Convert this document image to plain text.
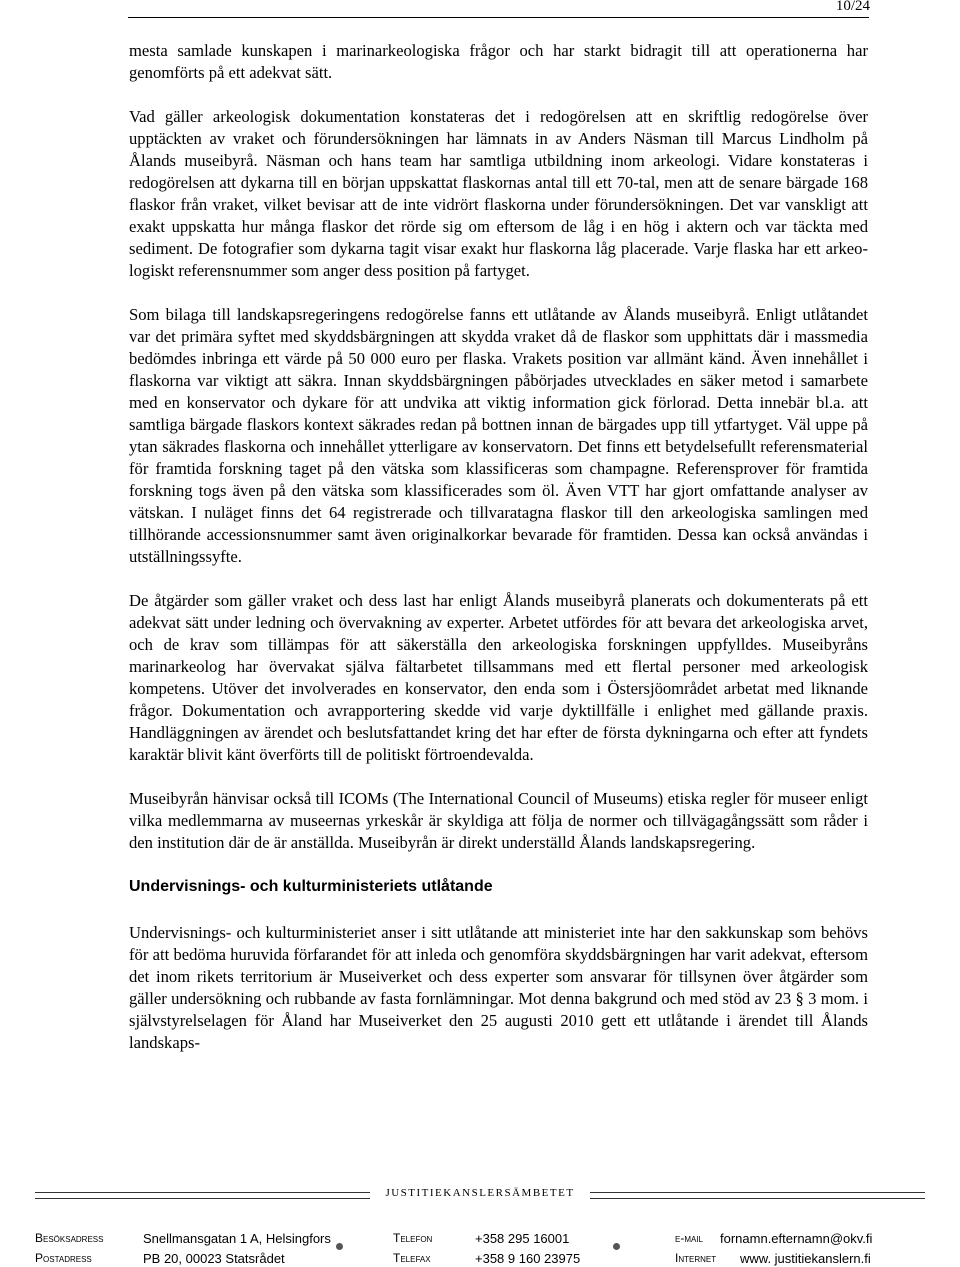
10/24

mesta samlade kunskapen i marinarkeologiska frågor och har starkt bidragit till att operationerna har genomförts på ett adekvat sätt.

Vad gäller arkeologisk dokumentation konstateras det i redogörelsen att en skriftlig redogörelse över upptäckten av vraket och förundersökningen har lämnats in av Anders Näsman till Marcus Lindholm på Ålands museibyrå. Näsman och hans team har samtliga utbildning inom arkeologi. Vidare konstateras i redogörelsen att dykarna till en början uppskattat flaskornas antal till ett 70-tal, men att de senare bärgade 168 flaskor från vraket, vilket bevisar att de inte vidrört flaskorna under förundersökningen. Det var vanskligt att exakt uppskatta hur många flaskor det rörde sig om eftersom de låg i en hög i aktern och var täckta med sediment. De fotografier som dykarna tagit visar exakt hur flaskorna låg placerade. Varje flaska har ett arkeologiskt referensnummer som anger dess position på fartyget.

Som bilaga till landskapsregeringens redogörelse fanns ett utlåtande av Ålands museibyrå. Enligt utlåtandet var det primära syftet med skyddsbärgningen att skydda vraket då de flaskor som upphittats där i massmedia bedömdes inbringa ett värde på 50 000 euro per flaska. Vrakets position var allmänt känd. Även innehållet i flaskorna var viktigt att säkra. Innan skyddsbärgningen påbörjades utvecklades en säker metod i samarbete med en konservator och dykare för att undvika att viktig information gick förlorad. Detta innebär bl.a. att samtliga bärgade flaskors kontext säkrades redan på bottnen innan de bärgades upp till ytfartyget. Väl uppe på ytan säkrades flaskorna och innehållet ytterligare av konservatorn. Det finns ett betydelsefullt referensmaterial för framtida forskning taget på den vätska som klassificeras som champagne. Referensprover för framtida forskning togs även på den vätska som klassificerades som öl. Även VTT har gjort omfattande analyser av vätskan. I nuläget finns det 64 registrerade och tillvaratagna flaskor till den arkeologiska samlingen med tillhörande accessionsnummer samt även originalkorkar bevarade för framtiden. Dessa kan också användas i utställningssyfte.

De åtgärder som gäller vraket och dess last har enligt Ålands museibyrå planerats och dokumenterats på ett adekvat sätt under ledning och övervakning av experter. Arbetet utfördes för att bevara det arkeologiska arvet, och de krav som tillämpas för att säkerställa den arkeologiska forskningen uppfylldes. Museibyråns marinarkeolog har övervakat själva fältarbetet tillsammans med ett flertal personer med arkeologisk kompetens. Utöver det involverades en konservator, den enda som i Östersjöområdet arbetat med liknande frågor. Dokumentation och avrapportering skedde vid varje dyktillfälle i enlighet med gällande praxis. Handläggningen av ärendet och beslutsfattandet kring det har efter de första dykningarna och efter att fyndets karaktär blivit känt överförts till de politiskt förtroendevalda.

Museibyrån hänvisar också till ICOMs (The International Council of Museums) etiska regler för museer enligt vilka medlemmarna av museernas yrkeskår är skyldiga att följa de normer och tillvägagångssätt som råder i den institution där de är anställda. Museibyrån är direkt underställd Ålands landskapsregering.

Undervisnings- och kulturministeriets utlåtande

Undervisnings- och kulturministeriet anser i sitt utlåtande att ministeriet inte har den sakkunskap som behövs för att bedöma huruvida förfarandet för att inleda och genomföra skyddsbärgningen har varit adekvat, eftersom det inom rikets territorium är Museiverket och dess experter som ansvarar för tillsynen över åtgärder som gäller undersökning och rubbande av fasta fornlämningar. Mot denna bakgrund och med stöd av 23 § 3 mom. i självstyrelselagen för Åland har Museiverket den 25 augusti 2010 gett ett utlåtande i ärendet till Ålands landskaps-

JUSTITIEKANSLERSÄMBETET
Besöksadress	Snellmansgatan 1 A, Helsingfors	Telefon	+358 295 16001	e-mail fornamn.efternamn@okv.fi
Postadress	PB 20, 00023 Statsrådet	Telefax	+358 9 160 23975	Internet www. justitiekanslern.fi
